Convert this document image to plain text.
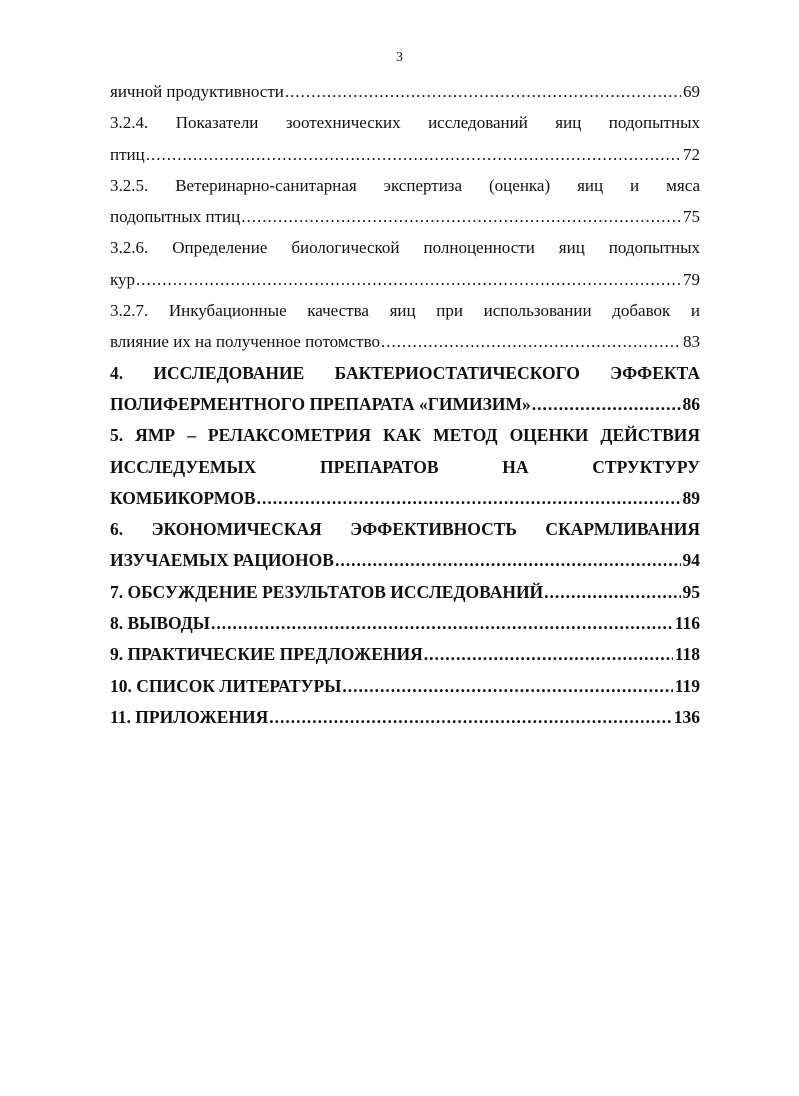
3
яичной продуктивности .....	69
3.2.4. Показатели зоотехнических исследований яиц подопытных
птиц .....	72
3.2.5. Ветеринарно-санитарная экспертиза (оценка) яиц и мяса
подопытных птиц .....	75
3.2.6. Определение биологической полноценности яиц подопытных
кур .....	79
3.2.7. Инкубационные качества яиц при использовании добавок и
влияние их на полученное потомство .....	83
4. ИССЛЕДОВАНИЕ БАКТЕРИОСТАТИЧЕСКОГО ЭФФЕКТА
ПОЛИФЕРМЕНТНОГО ПРЕПАРАТА «ГИМИЗИМ» .....	86
5. ЯМР – РЕЛАКСОМЕТРИЯ КАК МЕТОД ОЦЕНКИ ДЕЙСТВИЯ
ИССЛЕДУЕМЫХ ПРЕПАРАТОВ НА СТРУКТУРУ
КОМБИКОРМОВ .....	89
6. ЭКОНОМИЧЕСКАЯ ЭФФЕКТИВНОСТЬ СКАРМЛИВАНИЯ
ИЗУЧАЕМЫХ РАЦИОНОВ .....	94
7. ОБСУЖДЕНИЕ РЕЗУЛЬТАТОВ ИССЛЕДОВАНИЙ .....	95
8. ВЫВОДЫ .....	116
9. ПРАКТИЧЕСКИЕ ПРЕДЛОЖЕНИЯ .....	118
10. СПИСОК ЛИТЕРАТУРЫ .....	119
11. ПРИЛОЖЕНИЯ .....	136
